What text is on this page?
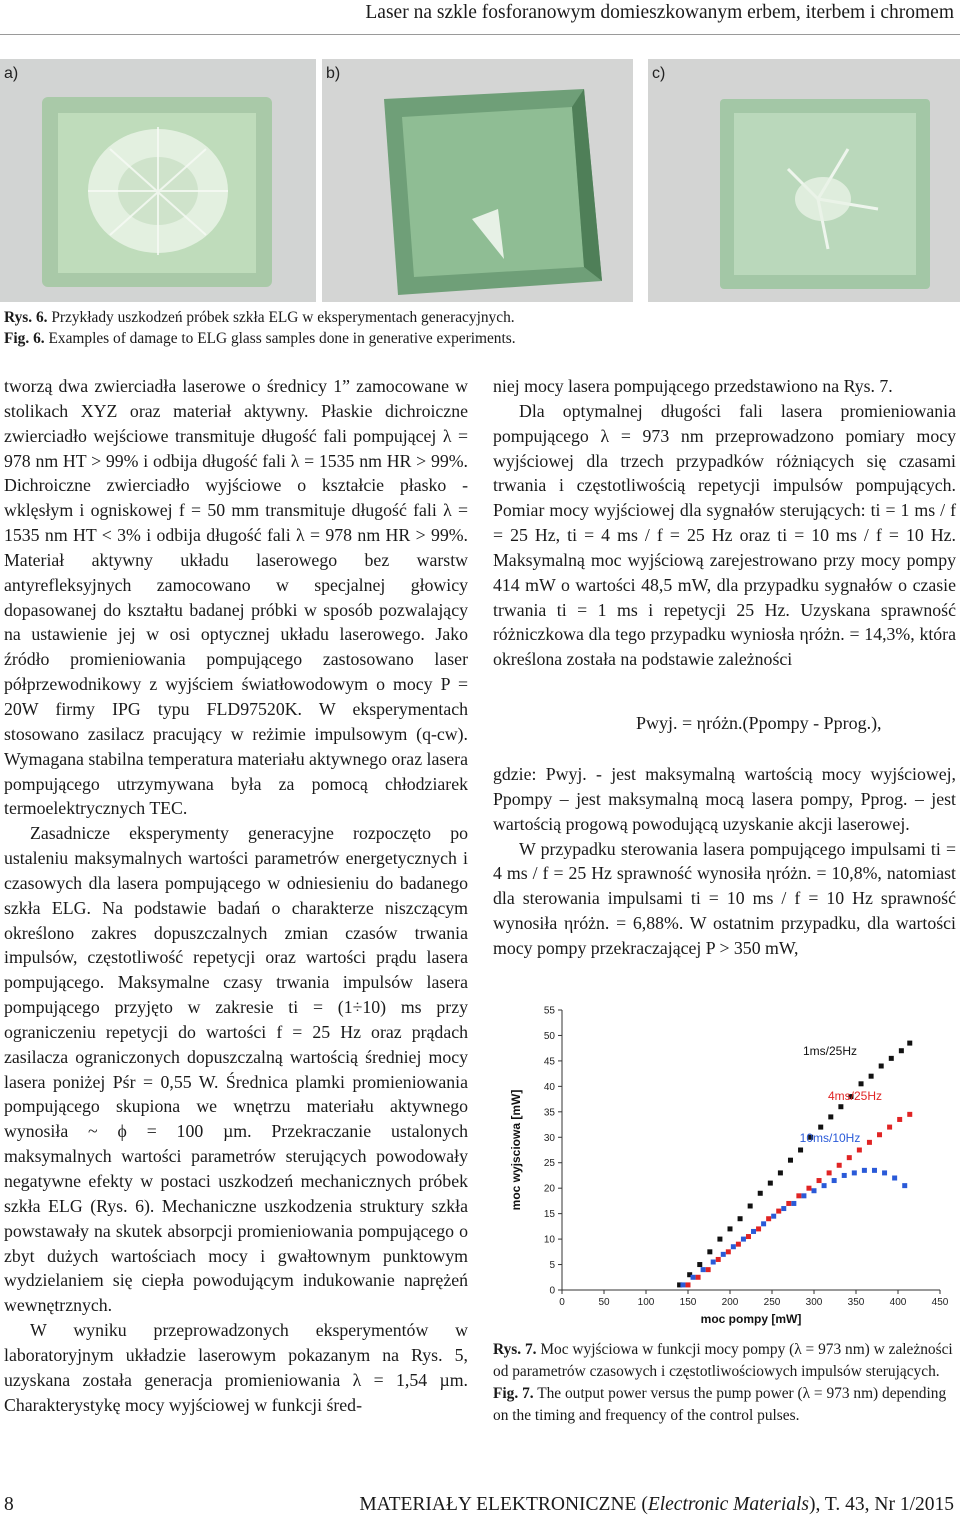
Laser na szkle fosforanowym domieszkowanym erbem, iterbem i chromem
a)	b)	c)
Rys. 6. Przykłady uszkodzeń próbek szkła ELG w eksperymentach generacyjnych.
Fig. 6. Examples of damage to ELG glass samples done in generative experiments.

tworzą dwa zwierciadła laserowe o średnicy 1” zamocowane w stolikach XYZ oraz materiał aktywny. Płaskie dichroiczne zwierciadło wejściowe transmituje długość fali pompującej λ = 978 nm HT > 99% i odbija długość fali λ = 1535 nm HR > 99%. Dichroiczne zwierciadło wyjściowe o kształcie płasko - wklęsłym i ogniskowej f = 50 mm transmituje długość fali λ = 1535 nm HT < 3% i odbija długość fali λ = 978 nm HR > 99%. Materiał aktywny układu laserowego bez warstw antyrefleksyjnych zamocowano w specjalnej głowicy dopasowanej do kształtu badanej próbki w sposób pozwalający na ustawienie jej w osi optycznej układu laserowego. Jako źródło promieniowania pompującego zastosowano laser półprzewodnikowy z wyjściem światłowodowym o mocy P = 20W firmy IPG typu FLD97520K. W eksperymentach stosowano zasilacz pracujący w reżimie impulsowym (q-cw). Wymagana stabilna temperatura materiału aktywnego oraz lasera pompującego utrzymywana była za pomocą chłodziarek termoelektrycznych TEC.

Zasadnicze eksperymenty generacyjne rozpoczęto po ustaleniu maksymalnych wartości parametrów energetycznych i czasowych dla lasera pompującego w odniesieniu do badanego szkła ELG. Na podstawie badań o charakterze niszczącym określono zakres dopuszczalnych zmian czasów trwania impulsów, częstotliwość repetycji oraz wartości prądu lasera pompującego. Maksymalne czasy trwania impulsów lasera pompującego przyjęto w zakresie ti = (1÷10) ms przy ograniczeniu repetycji do wartości f = 25 Hz oraz prądach zasilacza ograniczonych dopuszczalną wartością średniej mocy lasera poniżej Pśr = 0,55 W. Średnica plamki promieniowania pompującego skupiona we wnętrzu materiału aktywnego wynosiła ~ ϕ = 100 µm. Przekraczanie ustalonych maksymalnych wartości parametrów sterujących powodowały negatywne efekty w postaci uszkodzeń mechanicznych próbek szkła ELG (Rys. 6). Mechaniczne uszkodzenia struktury szkła powstawały na skutek absorpcji promieniowania pompującego o zbyt dużych wartościach mocy i gwałtownym punktowym wydzielaniem się ciepła powodującym indukowanie naprężeń wewnętrznych.

W wyniku przeprowadzonych eksperymentów w laboratoryjnym układzie laserowym pokazanym na Rys. 5, uzyskana została generacja promieniowania λ = 1,54 µm. Charakterystykę mocy wyjściowej w funkcji śred-

niej mocy lasera pompującego przedstawiono na Rys. 7.

Dla optymalnej długości fali lasera promieniowania pompującego λ = 973 nm przeprowadzono pomiary mocy wyjściowej dla trzech przypadków różniących się czasami trwania i częstotliwością repetycji impulsów pompujących. Pomiar mocy wyjściowej dla sygnałów sterujących: ti = 1 ms / f = 25 Hz, ti = 4 ms / f = 25 Hz oraz ti = 10 ms / f = 10 Hz. Maksymalną moc wyjściową zarejestrowano przy mocy pompy 414 mW o wartości 48,5 mW, dla przypadku sygnałów o czasie trwania ti = 1 ms i repetycji 25 Hz. Uzyskana sprawność różniczkowa dla tego przypadku wyniosła ηróżn. = 14,3%, która określona została na podstawie zależności

Pwyj. = ηróżn.(Ppompy - Pprog.),

gdzie: Pwyj. - jest maksymalną wartością mocy wyjściowej, Ppompy – jest maksymalną mocą lasera pompy, Pprog. – jest wartością progową powodującą uzyskanie akcji laserowej.

W przypadku sterowania lasera pompującego impulsami ti = 4 ms / f = 25 Hz sprawność wynosiła ηróżn. = 10,8%, natomiast dla sterowania impulsami ti = 10 ms / f = 10 Hz sprawność wynosiła ηróżn. = 6,88%. W ostatnim przypadku, dla wartości mocy pompy przekraczającej P > 350 mW,

0	50	100	150	200	250	300	350	400	450
0
5
10
15
20
25
30
35
40
45
50
55
moc pompy [mW]
moc wyjsciowa [mW]
1ms/25Hz
4ms/25Hz
10ms/10Hz
Rys. 7. Moc wyjściowa w funkcji mocy pompy (λ = 973 nm) w zależności od parametrów czasowych i częstotliwościowych impulsów sterujących.
Fig. 7. The output power versus the pump power (λ = 973 nm) depending on the timing and frequency of the control pulses.
8	MATERIAŁY ELEKTRONICZNE (Electronic Materials), T. 43, Nr 1/2015
